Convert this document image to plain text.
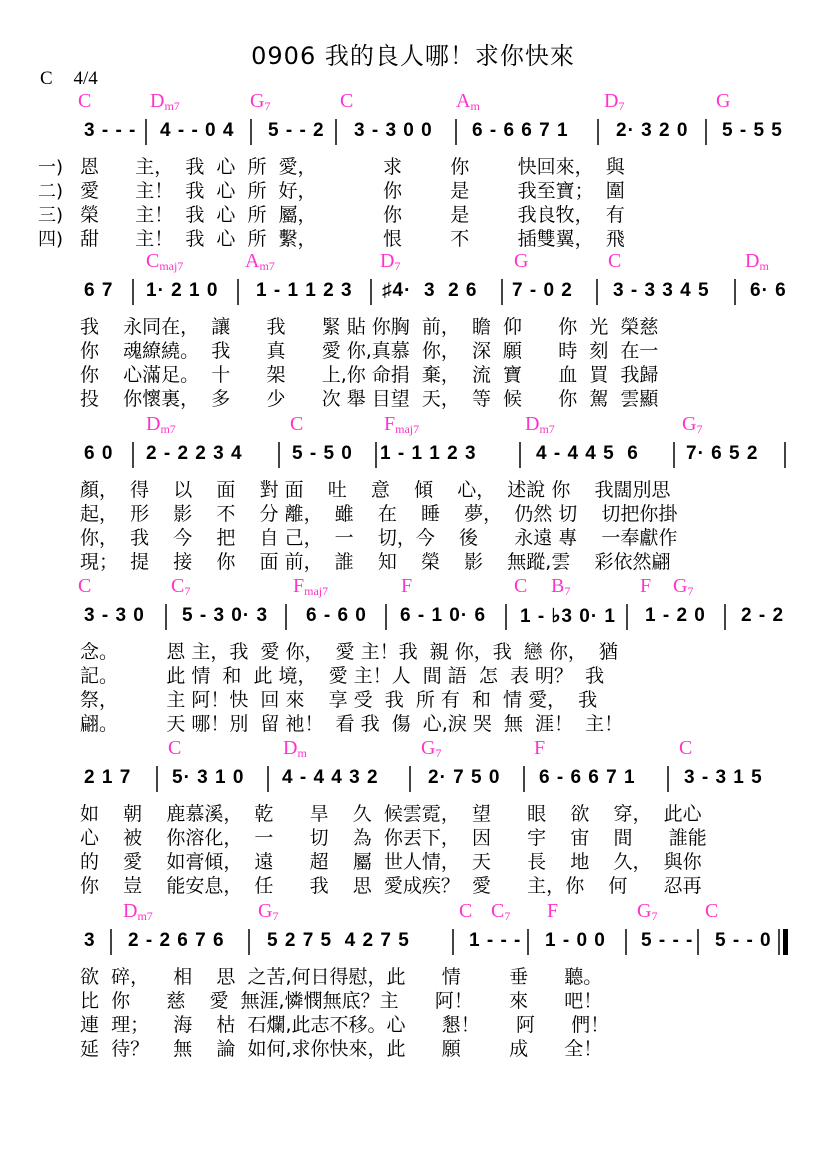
0906 我的良人哪！求你快來
C 4/4
C	$D_{m7}$	$G_7$	C	$A_m$	$D_7$	G
3 - - - 4 - - 0 4 5 - - 2 3 - 3 0 0 6 - 6 6 7 1 2· 3 2 0 5 - 5 5
一) 恩      主，  我  心  所  愛，           求        你        快回來，  與
二) 愛      主！  我  心  所  好，           你        是        我至寶；  圍
三) 榮      主！  我  心  所  屬，           你        是        我良牧，  有
四) 甜      主！  我  心  所  繫，           恨        不        插雙翼，  飛
$C_{maj7}$	$A_{m7}$	$D_7$	G	C	$D_m$
6 7 1· 2 1 0 1 - 1 1 2 3 ♯4·  3  2 6 7 - 0 2 3 - 3 3 4 5 6· 6
我    永同在，  讓      我      緊 貼 你胸  前，  瞻  仰      你  光  榮慈
你    魂繚繞。  我      真      愛 你,真慕  你，  深  願      時  刻  在一
你    心滿足。  十      架      上,你 命捐  棄，  流  寶      血  買  我歸
投    你懷裏，  多      少      次 舉 目望  天，  等  候      你  駕  雲顯
$D_{m7}$	C	$F_{maj7}$	$D_{m7}$	$G_7$
6 0 2 - 2 2 3 4	5 - 5 0 1 - 1 1 2 3	4 - 4 4 5  6 7· 6 5 2
顏，  得    以    面    對 面    吐    意    傾    心，  述說 你    我闊別思
起，  形    影    不    分 離，  雖    在    睡    夢，  仍然 切    切把你掛
你，  我    今    把    自 己，  一    切，今    後      永遠 專    一奉獻作
現；  提    接    你    面 前，  誰    知    榮    影    無蹤,雲    彩依然翩
C	$C_7$	$F_{maj7}$	F	C $B_7$	F $G_7$
3 - 3 0 5 - 3 0· 3 6 - 6 0 6 - 1 0· 6 1 - ♭3 0· 1 1 - 2 0 2 - 2
念。        恩 主，我  愛 你，  愛 主！我  親 你，我  戀 你，  猶
記。        此 情  和  此 境，  愛 主！人  間 語  怎  表 明？  我
祭，        主 阿！快  回 來    享 受  我  所 有  和  情 愛，  我
翩。        天 哪！別  留 祂！  看 我  傷  心,淚 哭  無  涯！  主！
C	$D_m$	$G_7$	F	C
2 1 7 5· 3 1 0 4 - 4 4 3 2	2· 7 5 0 6 - 6 6 7 1	3 - 3 1 5
如    朝    鹿慕溪，  乾      旱    久  候雲霓，  望      眼    欲    穿，  此心
心    被    你溶化，  一      切    為  你丟下，  因      宇    宙    間      誰能
的    愛    如膏傾，  遠      超    屬  世人情，  天      長    地    久，  與你
你    豈    能安息，  任      我    思  愛成疾？  愛      主，你    何      忍再
$D_{m7}$	$G_7$	C $C_7$ F	$G_7$ C
3 2 - 2 6 7 6 5 2 7 5  4 2 7 5	1 - - - 1 - 0 0 5 - - - 5 - - 0
欲  碎，    相    思  之苦,何日得慰，此      情        垂      聽。
比  你      慈    愛  無涯,憐憫無底？主      阿！      來      吧！
連  理；    海    枯  石爛,此志不移。心      懇！      阿      們！
延  待？    無    論  如何,求你快來，此      願        成      全！
